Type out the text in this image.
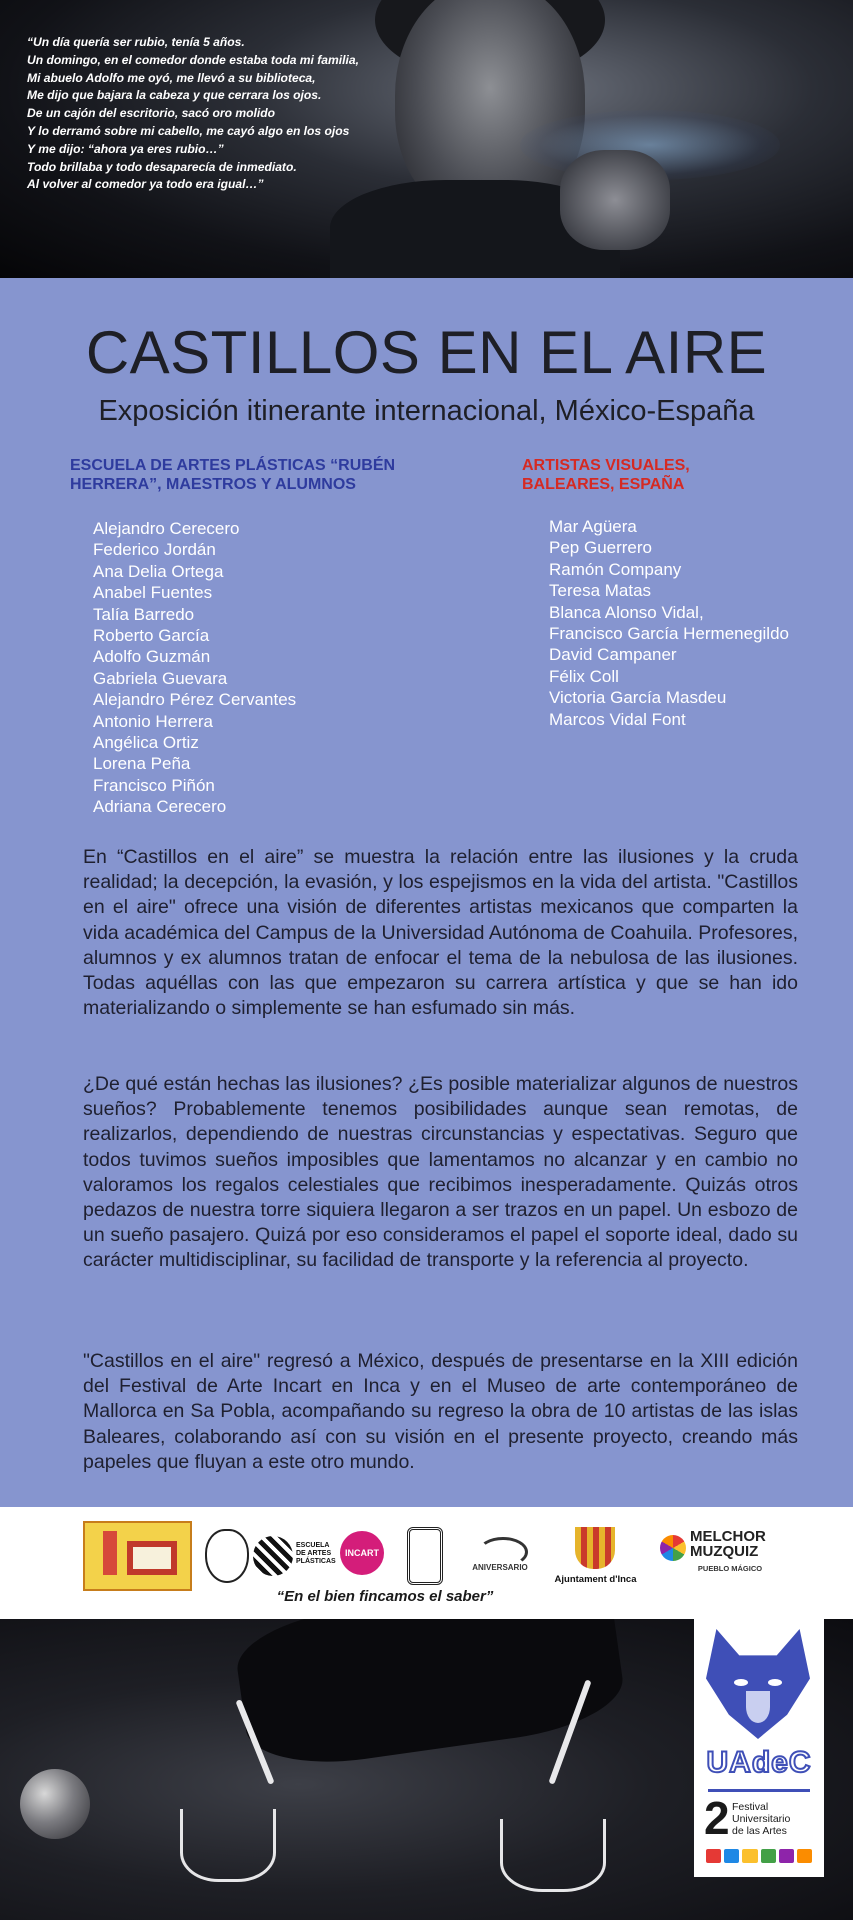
“Un día quería ser rubio, tenía 5 años.
Un domingo, en el comedor donde estaba toda mi familia,
Mi abuelo Adolfo me oyó, me llevó a su biblioteca,
Me dijo que bajara la cabeza y que cerrara los ojos.
De un cajón del escritorio, sacó oro molido
Y lo derramó sobre mi cabello, me cayó algo en los ojos
Y me dijo: “ahora ya eres rubio…”
Todo brillaba y todo desaparecía de inmediato.
Al volver al comedor ya todo era igual…”
CASTILLOS EN EL AIRE
Exposición itinerante internacional, México-España
ESCUELA DE ARTES PLÁSTICAS “RUBÉN
HERRERA”, MAESTROS Y ALUMNOS
ARTISTAS VISUALES,
BALEARES, ESPAÑA
Alejandro Cerecero
Federico Jordán
Ana Delia Ortega
Anabel Fuentes
Talía Barredo
Roberto García
Adolfo Guzmán
Gabriela Guevara
Alejandro Pérez Cervantes
Antonio Herrera
Angélica Ortiz
Lorena Peña
Francisco Piñón
Adriana Cerecero
Mar Agüera
Pep Guerrero
Ramón Company
Teresa Matas
Blanca Alonso Vidal,
Francisco García Hermenegildo
David Campaner
Félix Coll
Victoria García Masdeu
Marcos Vidal Font
En “Castillos en el aire” se muestra la relación entre las ilusiones y la cruda realidad; la decepción, la evasión, y los espejismos en la vida del artista. "Castillos en el aire" ofrece una visión de diferentes artistas mexicanos que comparten la vida académica del Campus de la Universidad Autónoma de Coahuila. Profesores, alumnos y ex alumnos tratan de enfocar el tema de la nebulosa de las ilusiones. Todas aquéllas con las que empezaron su carrera artística y que se han ido materializando o simplemente se han esfumado sin más.
¿De qué están hechas las ilusiones? ¿Es posible materializar algunos de nuestros sueños? Probablemente tenemos posibilidades aunque sean remotas, de realizarlos, dependiendo de nuestras circunstancias y espectativas. Seguro que todos tuvimos sueños imposibles que lamentamos no alcanzar y en cambio no valoramos los regalos celestiales que recibimos inesperadamente. Quizás otros pedazos de nuestra torre siquiera llegaron a ser trazos en un papel. Un esbozo de un sueño pasajero. Quizá por eso consideramos el papel el soporte ideal, dado su carácter multidisciplinar, su facilidad de transporte y la referencia al proyecto.
"Castillos en el aire" regresó a México, después de presentarse en la XIII edición del Festival de Arte Incart en Inca y en el Museo de arte contemporáneo de Mallorca en Sa Pobla, acompañando su regreso la obra de 10 artistas de las islas Baleares, colaborando así con su visión en el presente proyecto, creando más papeles que fluyan a este otro mundo.
ESCUELA DE ARTES PLÁSTICAS
INCART
ANIVERSARIO
Ajuntament d'Inca
MELCHOR
MUZQUIZ
PUEBLO MÁGICO
“En el bien fincamos el saber”
UAdeC
2 Festival
Universitario
de las Artes
